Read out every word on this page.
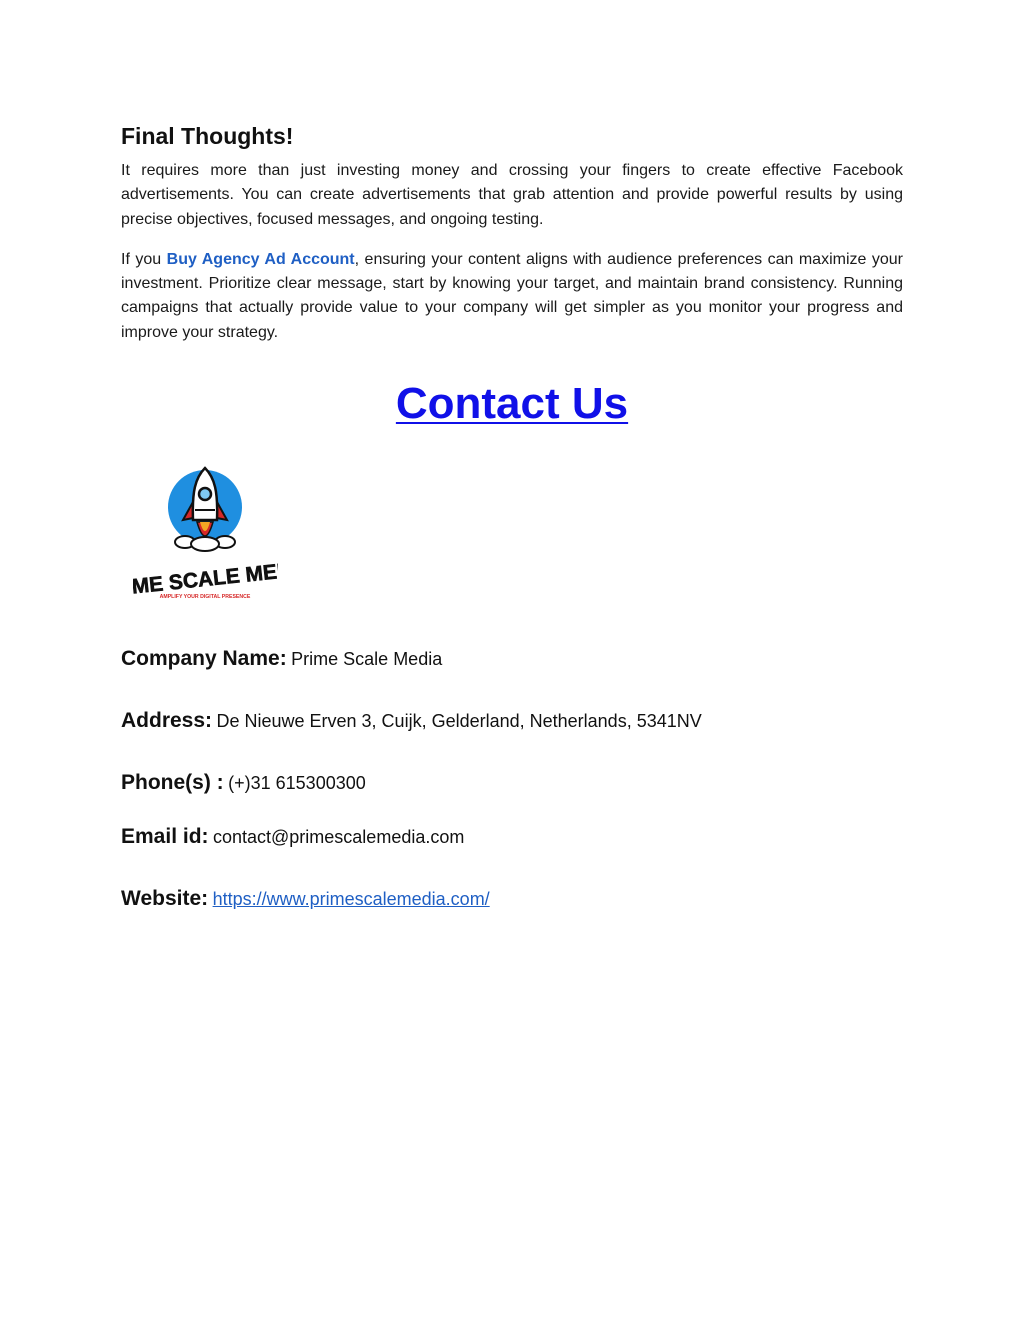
Final Thoughts!

It requires more than just investing money and crossing your fingers to create effective Facebook advertisements. You can create advertisements that grab attention and provide powerful results by using precise objectives, focused messages, and ongoing testing.

If you Buy Agency Ad Account, ensuring your content aligns with audience preferences can maximize your investment. Prioritize clear message, start by knowing your target, and maintain brand consistency. Running campaigns that actually provide value to your company will get simpler as you monitor your progress and improve your strategy.

Contact Us
PRIME SCALE MEDIA
AMPLIFY YOUR DIGITAL PRESENCE
Company Name: Prime Scale Media
Address: De Nieuwe Erven 3, Cuijk, Gelderland, Netherlands, 5341NV
Phone(s) : (+)31 615300300
Email id: contact@primescalemedia.com
Website: https://www.primescalemedia.com/
